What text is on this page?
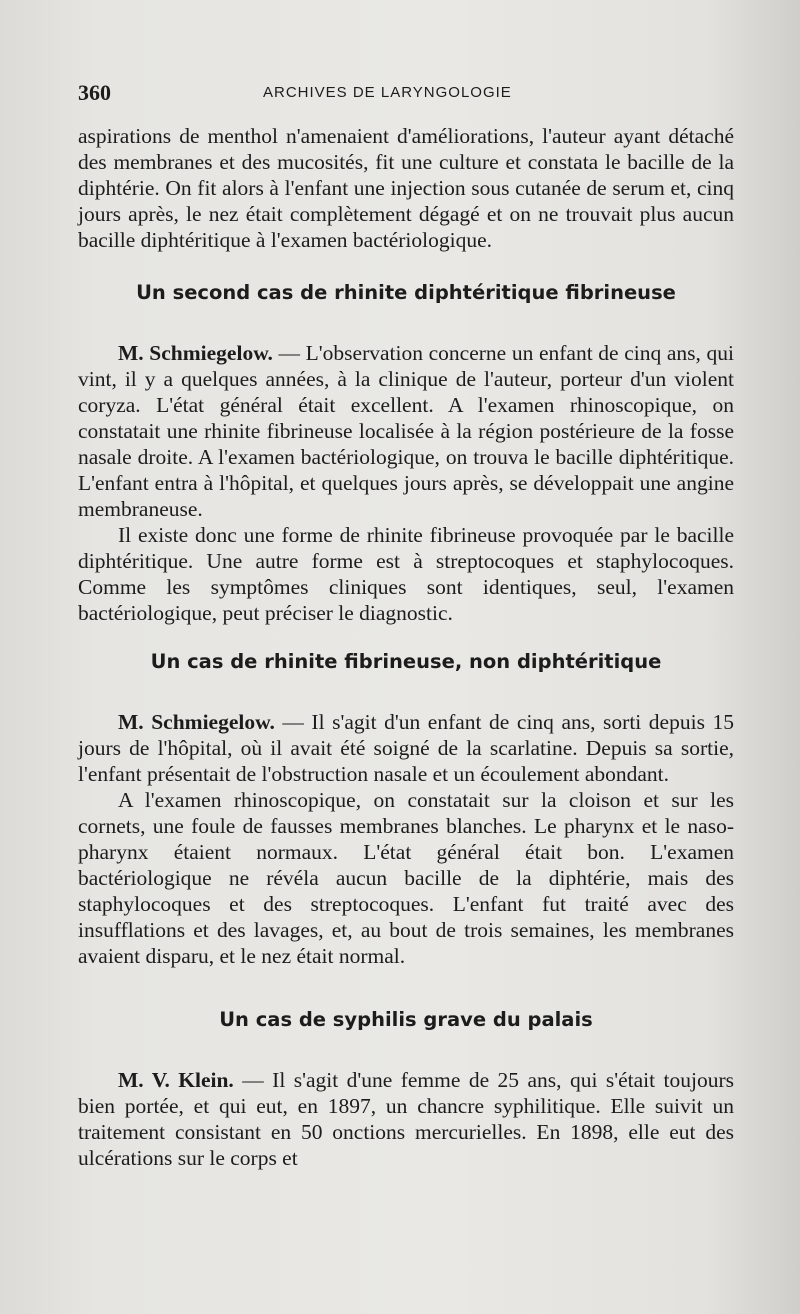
360	ARCHIVES DE LARYNGOLOGIE

aspirations de menthol n'amenaient d'améliorations, l'auteur ayant détaché des membranes et des mucosités, fit une culture et constata le bacille de la diphtérie. On fit alors à l'enfant une injection sous cutanée de serum et, cinq jours après, le nez était complètement dégagé et on ne trouvait plus aucun bacille diphtéritique à l'examen bactériologique.

Un second cas de rhinite diphtéritique fibrineuse

M. Schmiegelow. — L'observation concerne un enfant de cinq ans, qui vint, il y a quelques années, à la clinique de l'auteur, porteur d'un violent coryza. L'état général était excellent. A l'examen rhinoscopique, on constatait une rhinite fibrineuse localisée à la région postérieure de la fosse nasale droite. A l'examen bactériologique, on trouva le bacille diphtéritique. L'enfant entra à l'hôpital, et quelques jours après, se développait une angine membraneuse.

Il existe donc une forme de rhinite fibrineuse provoquée par le bacille diphtéritique. Une autre forme est à streptocoques et staphylocoques. Comme les symptômes cliniques sont identiques, seul, l'examen bactériologique, peut préciser le diagnostic.

Un cas de rhinite fibrineuse, non diphtéritique

M. Schmiegelow. — Il s'agit d'un enfant de cinq ans, sorti depuis 15 jours de l'hôpital, où il avait été soigné de la scarlatine. Depuis sa sortie, l'enfant présentait de l'obstruction nasale et un écoulement abondant.

A l'examen rhinoscopique, on constatait sur la cloison et sur les cornets, une foule de fausses membranes blanches. Le pharynx et le naso-pharynx étaient normaux. L'état général était bon. L'examen bactériologique ne révéla aucun bacille de la diphtérie, mais des staphylocoques et des streptocoques. L'enfant fut traité avec des insufflations et des lavages, et, au bout de trois semaines, les membranes avaient disparu, et le nez était normal.

Un cas de syphilis grave du palais

M. V. Klein. — Il s'agit d'une femme de 25 ans, qui s'était toujours bien portée, et qui eut, en 1897, un chancre syphilitique. Elle suivit un traitement consistant en 50 onctions mercurielles. En 1898, elle eut des ulcérations sur le corps et
